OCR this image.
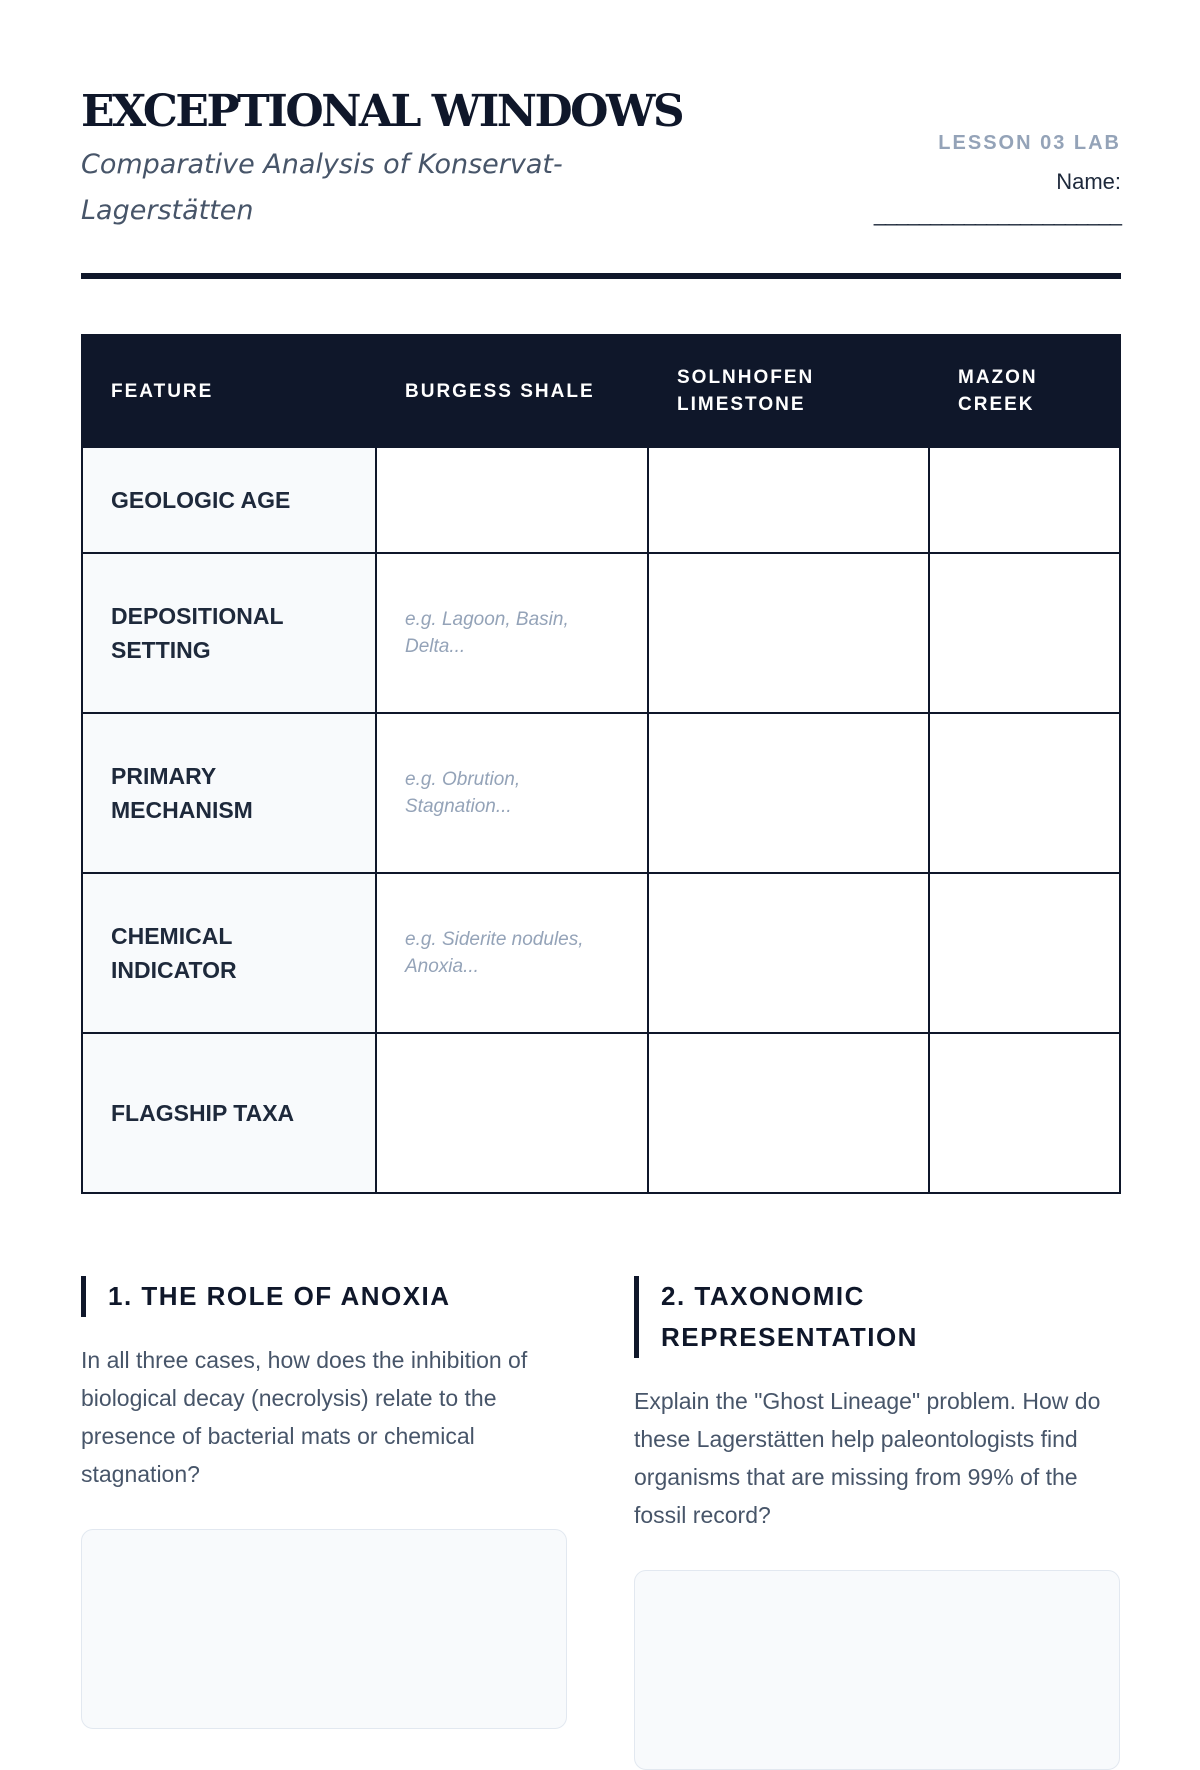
EXCEPTIONAL WINDOWS
Comparative Analysis of Konservat-Lagerstätten
LESSON 03 LAB
Name:
______________________
FEATURE	BURGESS SHALE	SOLNHOFEN LIMESTONE	MAZON CREEK
GEOLOGIC AGE			
DEPOSITIONAL SETTING	e.g. Lagoon, Basin, Delta...		
PRIMARY MECHANISM	e.g. Obrution, Stagnation...		
CHEMICAL INDICATOR	e.g. Siderite nodules, Anoxia...		
FLAGSHIP TAXA			
1. THE ROLE OF ANOXIA
In all three cases, how does the inhibition of biological decay (necrolysis) relate to the presence of bacterial mats or chemical stagnation?
2. TAXONOMIC REPRESENTATION
Explain the "Ghost Lineage" problem. How do these Lagerstätten help paleontologists find organisms that are missing from 99% of the fossil record?
